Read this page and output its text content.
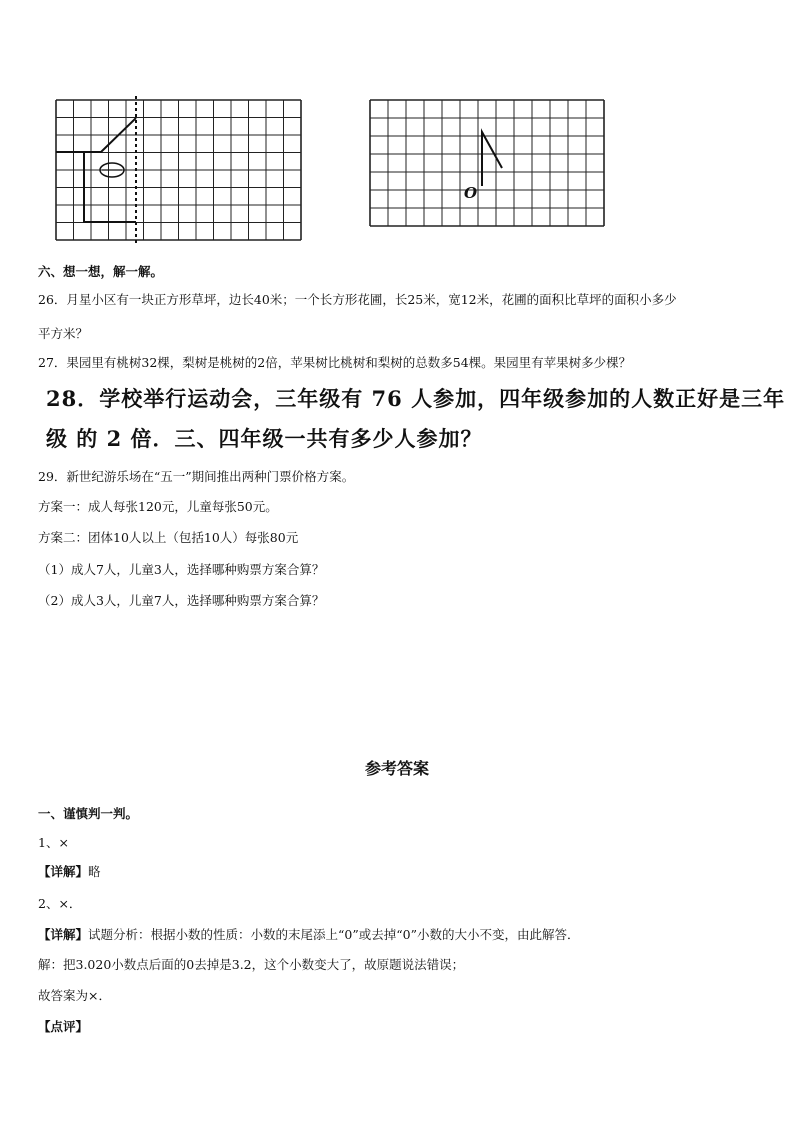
O
六、想一想，解一解。
26．月星小区有一块正方形草坪，边长40米；一个长方形花圃，长25米，宽12米，花圃的面积比草坪的面积小多少
平方米？
27．果园里有桃树32棵，梨树是桃树的2倍，苹果树比桃树和梨树的总数多54棵。果园里有苹果树多少棵？
28．学校举行运动会，三年级有 76 人参加，四年级参加的人数正好是三年
级 的 2 倍．三、四年级一共有多少人参加？
29．新世纪游乐场在“五一”期间推出两种门票价格方案。
方案一：成人每张120元，儿童每张50元。
方案二：团体10人以上（包括10人）每张80元
（1）成人7人，儿童3人，选择哪种购票方案合算？
（2）成人3人，儿童7人，选择哪种购票方案合算？
参考答案
一、谨慎判一判。
1、×
【详解】略
2、×．
【详解】试题分析：根据小数的性质：小数的末尾添上“0”或去掉“0”小数的大小不变，由此解答．
解：把3.020小数点后面的0去掉是3.2，这个小数变大了，故原题说法错误；
故答案为×．
【点评】
